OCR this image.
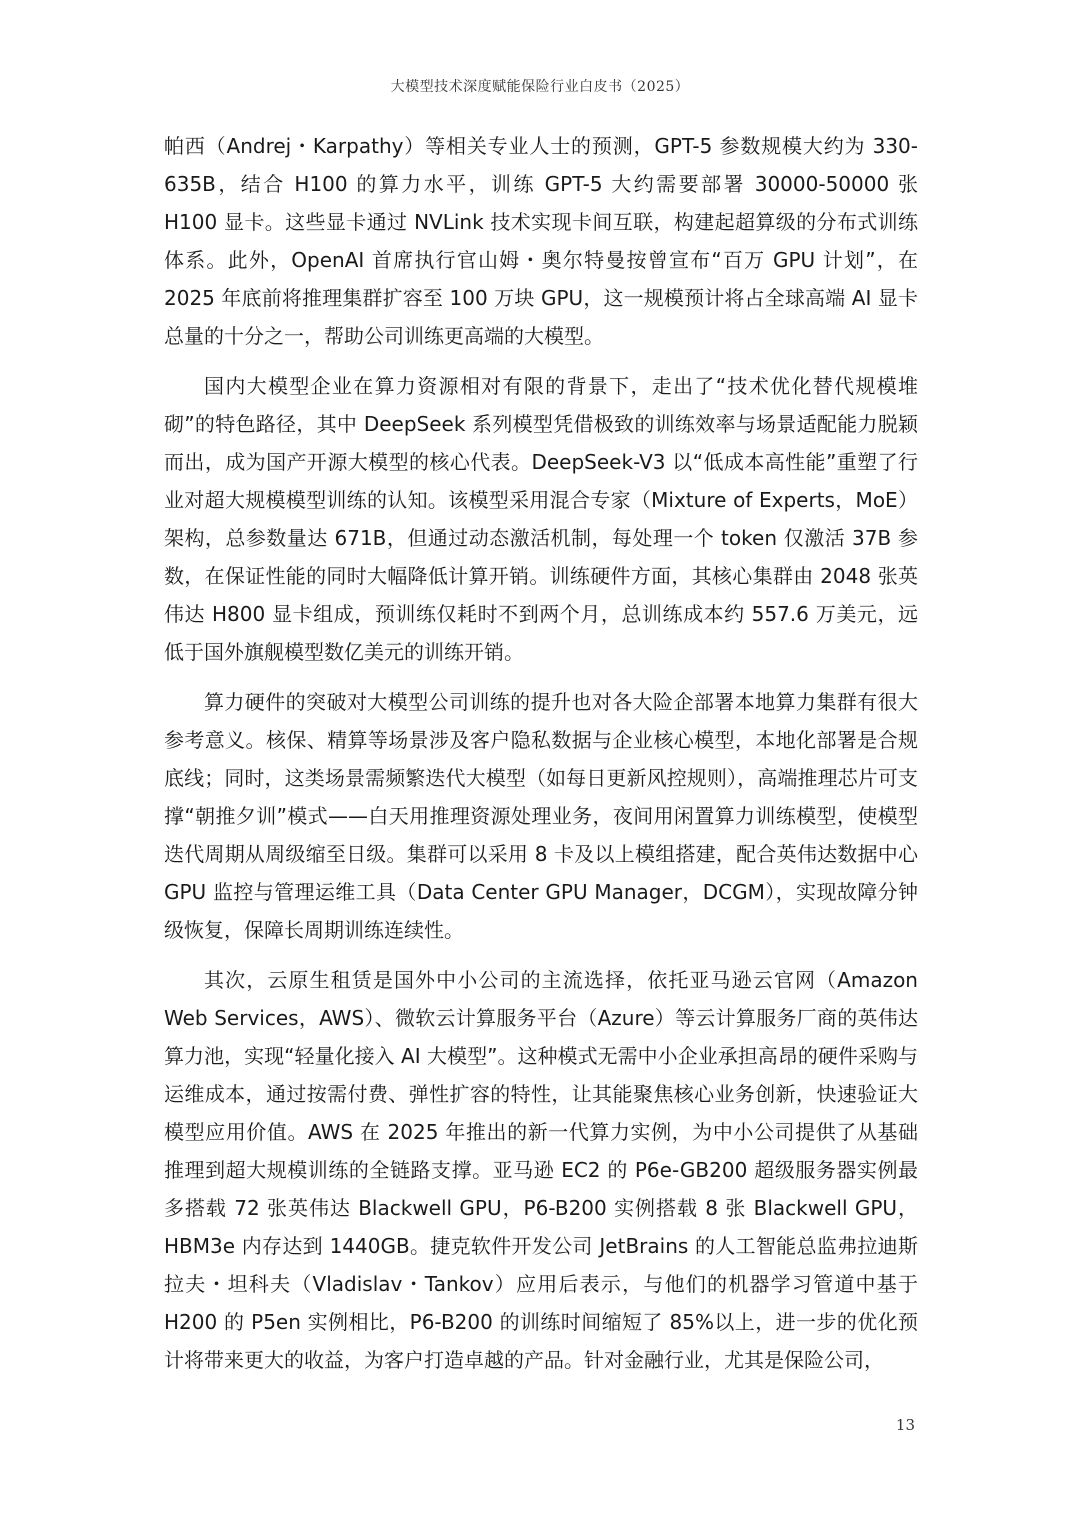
大模型技术深度赋能保险行业白皮书（2025）

帕西（Andrej・Karpathy）等相关专业人士的预测，GPT-5 参数规模大约为 330-635B，结合 H100 的算力水平，训练 GPT-5 大约需要部署 30000-50000 张 H100 显卡。这些显卡通过 NVLink 技术实现卡间互联，构建起超算级的分布式训练体系。此外，OpenAI 首席执行官山姆・奥尔特曼按曾宣布“百万 GPU 计划”，在 2025 年底前将推理集群扩容至 100 万块 GPU，这一规模预计将占全球高端 AI 显卡总量的十分之一，帮助公司训练更高端的大模型。

国内大模型企业在算力资源相对有限的背景下，走出了“技术优化替代规模堆砌”的特色路径，其中 DeepSeek 系列模型凭借极致的训练效率与场景适配能力脱颖而出，成为国产开源大模型的核心代表。DeepSeek-V3 以“低成本高性能”重塑了行业对超大规模模型训练的认知。该模型采用混合专家（Mixture of Experts，MoE）架构，总参数量达 671B，但通过动态激活机制，每处理一个 token 仅激活 37B 参数，在保证性能的同时大幅降低计算开销。训练硬件方面，其核心集群由 2048 张英伟达 H800 显卡组成，预训练仅耗时不到两个月，总训练成本约 557.6 万美元，远低于国外旗舰模型数亿美元的训练开销。

算力硬件的突破对大模型公司训练的提升也对各大险企部署本地算力集群有很大参考意义。核保、精算等场景涉及客户隐私数据与企业核心模型，本地化部署是合规底线；同时，这类场景需频繁迭代大模型（如每日更新风控规则），高端推理芯片可支撑“朝推夕训”模式——白天用推理资源处理业务，夜间用闲置算力训练模型，使模型迭代周期从周级缩至日级。集群可以采用 8 卡及以上模组搭建，配合英伟达数据中心 GPU 监控与管理运维工具（Data Center GPU Manager，DCGM），实现故障分钟级恢复，保障长周期训练连续性。

其次，云原生租赁是国外中小公司的主流选择，依托亚马逊云官网（Amazon Web Services，AWS）、微软云计算服务平台（Azure）等云计算服务厂商的英伟达算力池，实现“轻量化接入 AI 大模型”。这种模式无需中小企业承担高昂的硬件采购与运维成本，通过按需付费、弹性扩容的特性，让其能聚焦核心业务创新，快速验证大模型应用价值。AWS 在 2025 年推出的新一代算力实例，为中小公司提供了从基础推理到超大规模训练的全链路支撑。亚马逊 EC2 的 P6e-GB200 超级服务器实例最多搭载 72 张英伟达 Blackwell GPU，P6-B200 实例搭载 8 张 Blackwell GPU，HBM3e 内存达到 1440GB。捷克软件开发公司 JetBrains 的人工智能总监弗拉迪斯拉夫・坦科夫（Vladislav・Tankov）应用后表示，与他们的机器学习管道中基于 H200 的 P5en 实例相比，P6-B200 的训练时间缩短了 85%以上，进一步的优化预计将带来更大的收益，为客户打造卓越的产品。针对金融行业，尤其是保险公司，

13
